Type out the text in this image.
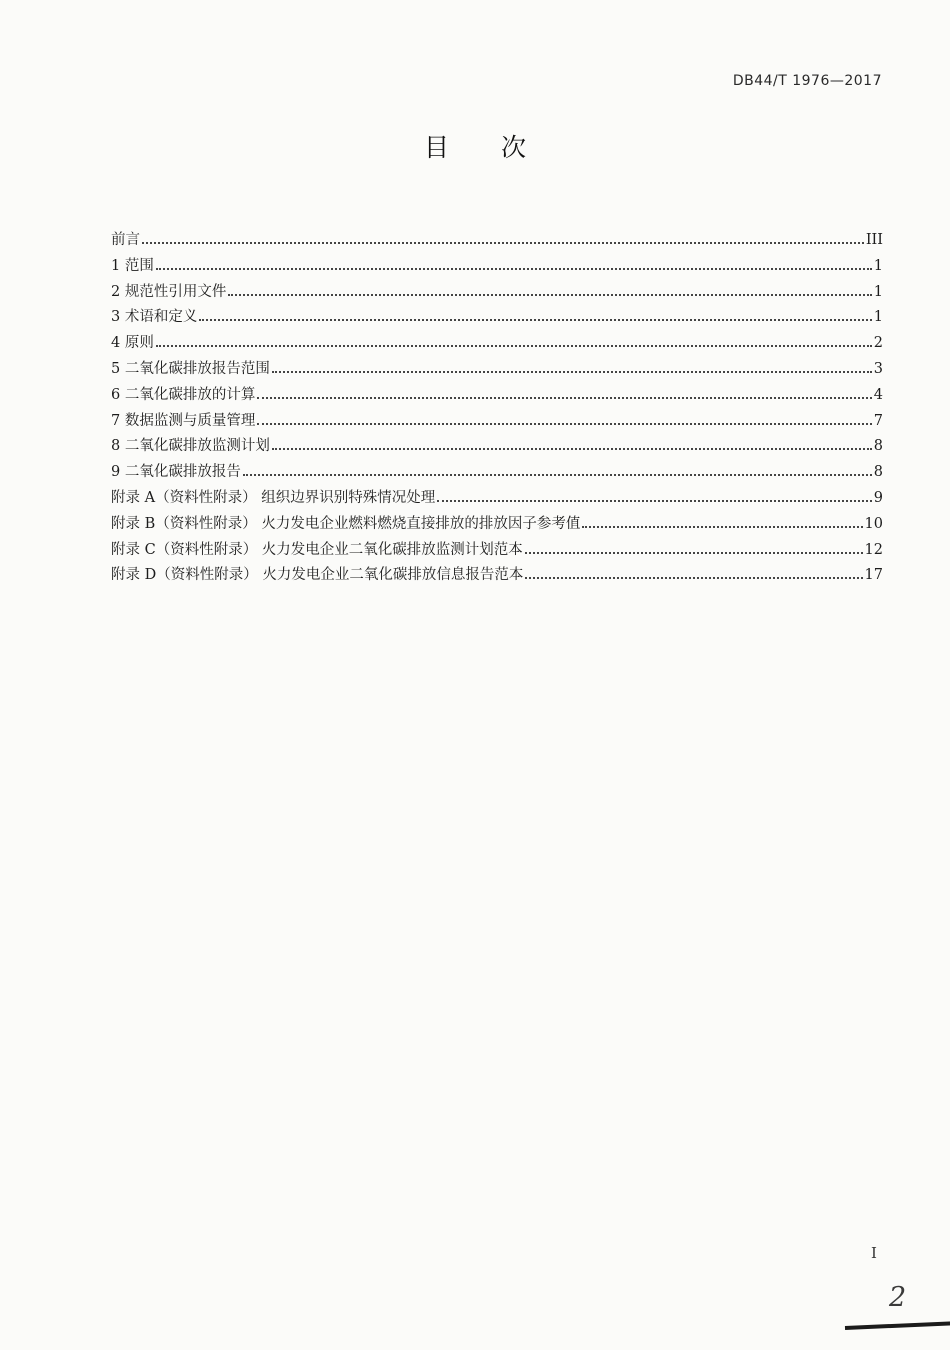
DB44/T 1976—2017
目次
前言	III
1 范围	1
2 规范性引用文件	1
3 术语和定义	1
4 原则	2
5 二氧化碳排放报告范围	3
6 二氧化碳排放的计算	4
7 数据监测与质量管理	7
8 二氧化碳排放监测计划	8
9 二氧化碳排放报告	8
附录 A（资料性附录） 组织边界识别特殊情况处理	9
附录 B（资料性附录） 火力发电企业燃料燃烧直接排放的排放因子参考值	10
附录 C（资料性附录） 火力发电企业二氧化碳排放监测计划范本	12
附录 D（资料性附录） 火力发电企业二氧化碳排放信息报告范本	17
I
2
